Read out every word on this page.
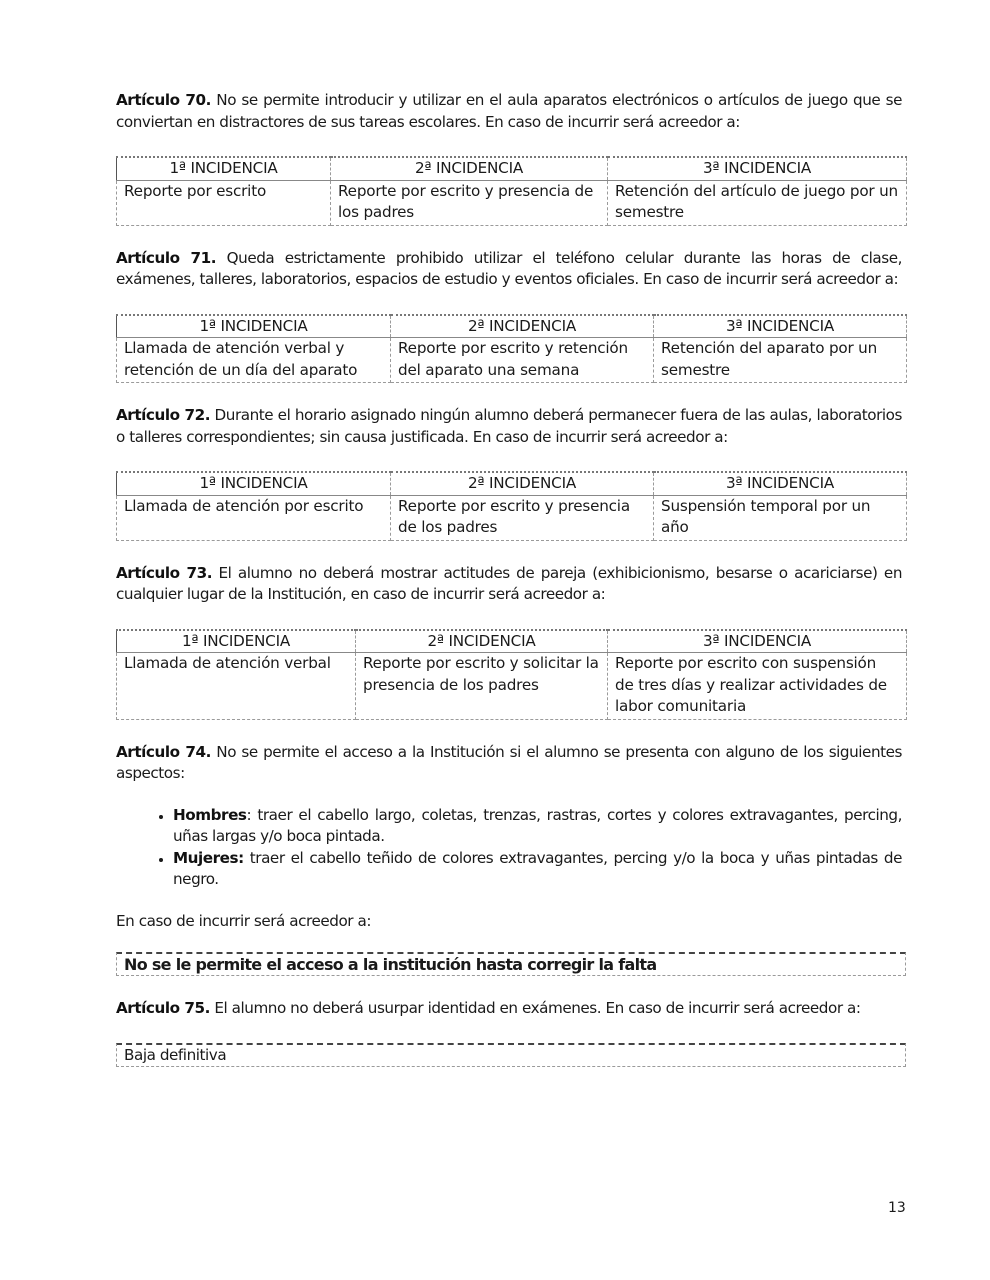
Artículo 70. No se permite introducir y utilizar en el aula aparatos electrónicos o artículos de juego que se conviertan en distractores de sus tareas escolares. En caso de incurrir será acreedor a:

1ª INCIDENCIA	2ª INCIDENCIA	3ª INCIDENCIA
Reporte por escrito	Reporte por escrito y presencia de los padres	Retención del artículo de juego por un semestre

Artículo 71. Queda estrictamente prohibido utilizar el teléfono celular durante las horas de clase, exámenes, talleres, laboratorios, espacios de estudio y eventos oficiales. En caso de incurrir será acreedor a:

1ª INCIDENCIA	2ª INCIDENCIA	3ª INCIDENCIA
Llamada de atención verbal y retención de un día del aparato	Reporte por escrito y retención del aparato una semana	Retención del aparato por un semestre

Artículo 72. Durante el horario asignado ningún alumno deberá permanecer fuera de las aulas, laboratorios o talleres correspondientes; sin causa justificada. En caso de incurrir será acreedor a:

1ª INCIDENCIA	2ª INCIDENCIA	3ª INCIDENCIA
Llamada de atención por escrito	Reporte por escrito y presencia de los padres	Suspensión temporal por un año

Artículo 73. El alumno no deberá mostrar actitudes de pareja (exhibicionismo, besarse o acariciarse) en cualquier lugar de la Institución, en caso de incurrir será acreedor a:

1ª INCIDENCIA	2ª INCIDENCIA	3ª INCIDENCIA
Llamada de atención verbal	Reporte por escrito y solicitar la presencia de los padres	Reporte por escrito con suspensión de tres días y realizar actividades de labor comunitaria

Artículo 74. No se permite el acceso a la Institución si el alumno se presenta con alguno de los siguientes aspectos:

• Hombres: traer el cabello largo, coletas, trenzas, rastras, cortes y colores extravagantes, percing, uñas largas y/o boca pintada.
• Mujeres: traer el cabello teñido de colores extravagantes, percing y/o la boca y uñas pintadas de negro.

En caso de incurrir será acreedor a:

No se le permite el acceso a la institución hasta corregir la falta

Artículo 75. El alumno no deberá usurpar identidad en exámenes. En caso de incurrir será acreedor a:

Baja definitiva
13
